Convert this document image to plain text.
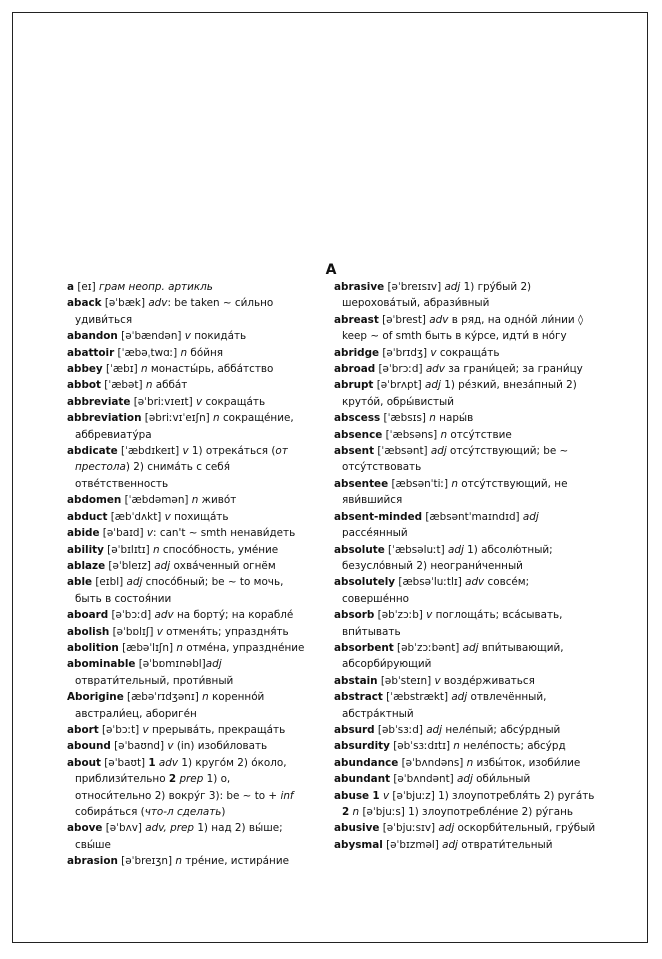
A

a [eɪ] грам неопр. артикль

aback [əˈbæk] adv: be taken ~ си́льно удиви́ться

abandon [əˈbændən] v покида́ть

abattoir [ˈæbəˌtwɑː] n бо́йня

abbey [ˈæbɪ] n монасты́рь, абба́тство

abbot [ˈæbət] n абба́т

abbreviate [əˈbriːvɪeɪt] v сокраща́ть

abbreviation [əbriːvɪˈeɪʃn] n сокраще́ние, аббревиату́ра

abdicate [ˈæbdɪkeɪt] v 1) отрека́ться (от престола) 2) снима́ть с себя́ отве́тственность

abdomen [ˈæbdəmən] n живо́т

abduct [æbˈdʌkt] v похища́ть

abide [əˈbaɪd] v: can't ~ smth ненави́деть

ability [əˈbɪlɪtɪ] n спосо́бность, уме́ние

ablaze [əˈbleɪz] adj охва́ченный огнём

able [eɪbl] adj спосо́бный; be ~ to мочь, быть в состоя́нии

aboard [əˈbɔːd] adv на борту́; на корабле́

abolish [əˈbɒlɪʃ] v отменя́ть; упраздня́ть

abolition [æbəˈlɪʃn] n отме́на, упраздне́ние

abominable [əˈbɒmɪnəbl]adj отврати́тельный, проти́вный

Aborigine [æbəˈrɪdʒənɪ] n коренно́й австрали́ец, абориге́н

abort [əˈbɔːt] v прерыва́ть, прекраща́ть

abound [əˈbaʊnd] v (in) изоби́ловать

about [əˈbaʊt] 1 adv 1) круго́м 2) о́коло, приблизи́тельно 2 prep 1) о, относи́тельно 2) вокру́г 3): be ~ to + inf собира́ться (что-л сделать)

above [əˈbʌv] adv, prep 1) над 2) вы́ше; свы́ше

abrasion [əˈbreɪʒn] n тре́ние, истира́ние

abrasive [əˈbreɪsɪv] adj 1) гру́бый 2) шерохова́тый, абрази́вный

abreast [əˈbrest] adv в ряд, на одно́й ли́нии ◊ keep ~ of smth быть в ку́рсе, идти́ в но́гу

abridge [əˈbrɪdʒ] v сокраща́ть

abroad [əˈbrɔːd] adv за грани́цей; за грани́цу

abrupt [əˈbrʌpt] adj 1) ре́зкий, внеза́пный 2) круто́й, обры́вистый

abscess [ˈæbsɪs] n нары́в

absence [ˈæbsəns] n отсу́тствие

absent [ˈæbsənt] adj отсу́тствующий; be ~ отсу́тствовать

absentee [æbsənˈtiː] n отсу́тствующий, не яви́вшийся

absent-minded [æbsəntˈmaɪndɪd] adj рассе́янный

absolute [ˈæbsəluːt] adj 1) абсолю́тный; безусло́вный 2) неограни́ченный

absolutely [æbsəˈluːtlɪ] adv совсе́м; соверше́нно

absorb [əbˈzɔːb] v поглоща́ть; вса́сывать, впи́тывать

absorbent [əbˈzɔːbənt] adj впи́тывающий, абсорби́рующий

abstain [əbˈsteɪn] v возде́рживаться

abstract [ˈæbstrækt] adj отвлечённый, абстра́ктный

absurd [əbˈsɜːd] adj неле́пый; абсу́рдный

absurdity [əbˈsɜːdɪtɪ] n неле́пость; абсу́рд

abundance [əˈbʌndəns] n избы́ток, изоби́лие

abundant [əˈbʌndənt] adj оби́льный

abuse 1 v [əˈbjuːz] 1) злоупотребля́ть 2) руга́ть 2 n [əˈbjuːs] 1) злоупотребле́ние 2) ру́гань

abusive [əˈbjuːsɪv] adj оскорби́тельный, гру́бый

abysmal [əˈbɪzməl] adj отврати́тельный
